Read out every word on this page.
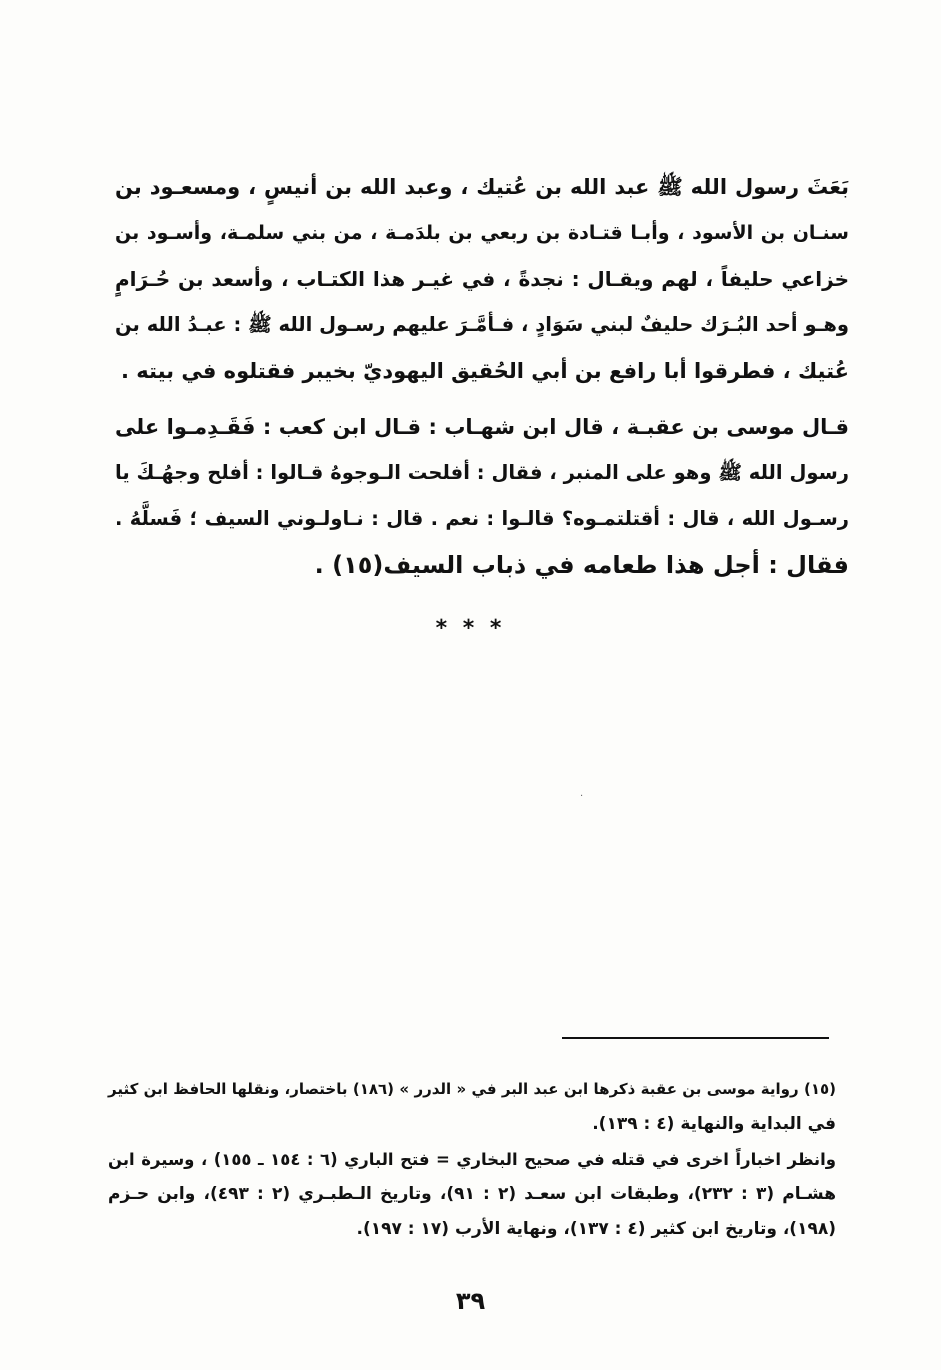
بَعَثَ رسول الله ﷺ عبد الله بن عُتيك ، وعبد الله بن أنيسٍ ، ومسعـود بن
سنـان بن الأسود ، وأبـا قتـادة بن ربعي بن بلدَمـة ، من بني سلمـة، وأسـود بن
خزاعي حليفاً ، لهم ويقـال : نجدةً ، في غيـر هذا الكتـاب ، وأسعد بن حُـرَامٍ
وهـو أحد البُـرَك حليفٌ لبني سَوَادٍ ، فـأمَّـرَ عليهم رسـول الله ﷺ : عبـدُ الله بن
عُتيك ، فطرقوا أبا رافع بن أبي الحُقيق اليهوديّ بخيبر فقتلوه في بيته .
قـال موسى بن عقبـة ، قال ابن شهـاب : قـال ابن كعب : فَقَـدِمـوا على
رسول الله ﷺ وهو على المنبر ، فقال : أفلحت الـوجوهُ قـالوا : أفلح وجهُـكَ يا
رسـول الله ، قال : أقتلتمـوه؟ قالـوا : نعم . قال : نـاولـوني السيف ؛ فَسلَّهُ .
فقال : أجل هذا طعامه في ذباب السيف(١٥) .
* * *
·
(١٥) رواية موسى بن عقبة ذكرها ابن عبد البر في « الدرر » (١٨٦) باختصار، ونقلها الحافظ ابن كثير
في البداية والنهاية (٤ : ١٣٩).
وانظر اخباراً اخرى في قتله في صحيح البخاري = فتح الباري (٦ : ١٥٤ ـ ١٥٥) ، وسيرة ابن
هشـام (٣ : ٢٣٢)، وطبقات ابن سعـد (٢ : ٩١)، وتاريخ الـطبـري (٢ : ٤٩٣)، وابن حـزم
(١٩٨)، وتاريخ ابن كثير (٤ : ١٣٧)، ونهاية الأرب (١٧ : ١٩٧).
٣٩
